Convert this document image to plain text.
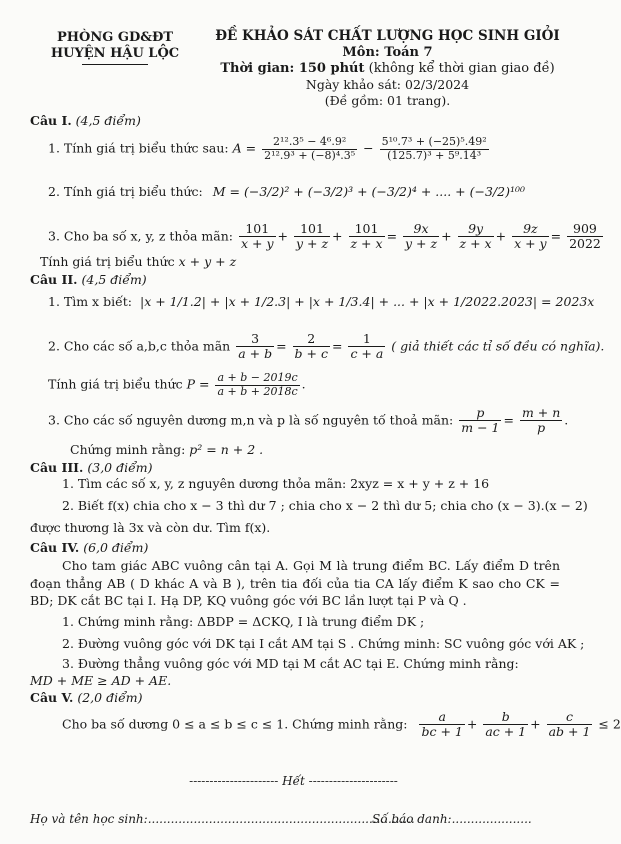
PHÒNG GD&ĐT
HUYỆN HẬU LỘC
ĐỀ KHẢO SÁT CHẤT LƯỢNG HỌC SINH GIỎI
Môn: Toán 7
Thời gian: 150 phút (không kể thời gian giao đề)
Ngày khảo sát: 02/3/2024
(Đề gồm: 01 trang).
Câu I. (4,5 điểm)
1. Tính giá trị biểu thức sau: $A = \frac{\text{2¹².3⁵ − 4⁶.9²}}{\text{2¹².9³ + (−8)⁴.3⁵}} - \frac{\text{5¹⁰.7³ + (−25)⁵.49²}}{\text{(125.7)³ + 5⁹.14³}}$
2. Tính giá trị biểu thức: M = (−3/2)² + (−3/2)³ + (−3/2)⁴ + .... + (−3/2)¹⁰⁰
3. Cho ba số x, y, z thỏa mãn: $\frac{101}{x + y} + \frac{101}{y + z} + \frac{101}{z + x} = \frac{9x}{y + z} + \frac{9y}{z + x} + \frac{9z}{x + y} = \frac{909}{2022}$
Tính giá trị biểu thức x + y + z
Câu II. (4,5 điểm)
1. Tìm x biết: |x + 1/1.2| + |x + 1/2.3| + |x + 1/3.4| + ... + |x + 1/2022.2023| = 2023x
2. Cho các số a,b,c thỏa mãn $\frac{3}{a + b} = \frac{2}{b + c} = \frac{1}{c + a}$ ( giả thiết các tỉ số đều có nghĩa).
Tính giá trị biểu thức $P = \frac{a + b - 2019c}{a + b + 2018c}$ .
3. Cho các số nguyên dương m,n và p là số nguyên tố thoả mãn: $\frac{p}{m - 1} = \frac{m + n}{p}$ .
Chứng minh rằng: p² = n + 2 .
Câu III. (3,0 điểm)
1. Tìm các số x, y, z nguyên dương thỏa mãn: 2xyz = x + y + z + 16
2. Biết f(x) chia cho x − 3 thì dư 7 ; chia cho x − 2 thì dư 5; chia cho (x − 3).(x − 2)
được thương là 3x và còn dư. Tìm f(x).
Câu IV. (6,0 điểm)
Cho tam giác ABC vuông cân tại A. Gọi M là trung điểm BC. Lấy điểm D trên đoạn thẳng AB ( D khác A và B ), trên tia đối của tia CA lấy điểm K sao cho CK = BD; DK cắt BC tại I. Hạ DP, KQ vuông góc với BC lần lượt tại P và Q .
1. Chứng minh rằng: ΔBDP = ΔCKQ, I là trung điểm DK ;
2. Đường vuông góc với DK tại I cắt AM tại S . Chứng minh: SC vuông góc với AK ;
3. Đường thẳng vuông góc với MD tại M cắt AC tại E. Chứng minh rằng:
MD + ME ≥ AD + AE.
Câu V. (2,0 điểm)
Cho ba số dương 0 ≤ a ≤ b ≤ c ≤ 1. Chứng minh rằng: $\frac{a}{bc + 1} + \frac{b}{ac + 1} + \frac{c}{ab + 1} \le 2$
---------------------- Hết ----------------------
Họ và tên học sinh:......................................................................
Số báo danh:.....................
